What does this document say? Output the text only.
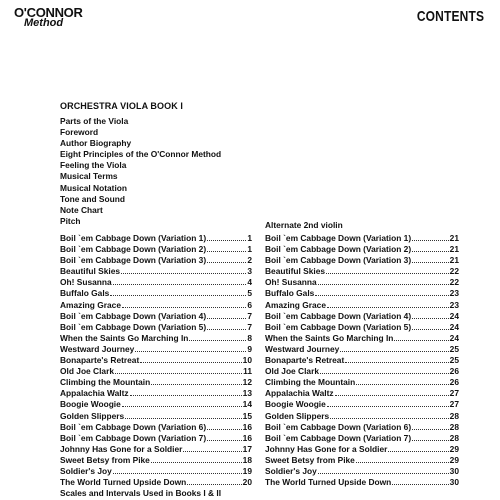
O'CONNOR
Method	CONTENTS
ORCHESTRA VIOLA BOOK I
Parts of the Viola
Foreword
Author Biography
Eight Principles of the O'Connor Method
Feeling the Viola
Musical Terms
Musical Notation
Tone and Sound
Note Chart
Pitch	Alternate 2nd violin
Boil `em Cabbage Down (Variation 1)	1
Boil `em Cabbage Down (Variation 2)	1
Boil `em Cabbage Down (Variation 3)	2
Beautiful Skies	3
Oh! Susanna	4
Buffalo Gals	5
Amazing Grace	6
Boil `em Cabbage Down (Variation 4)	7
Boil `em Cabbage Down (Variation 5)	7
When the Saints Go Marching In	8
Westward Journey	9
Bonaparte's Retreat	10
Old Joe Clark	11
Climbing the Mountain	12
Appalachia Waltz	13
Boogie Woogie	14
Golden Slippers	15
Boil `em Cabbage Down (Variation 6)	16
Boil `em Cabbage Down (Variation 7)	16
Johnny Has Gone for a Soldier	17
Sweet Betsy from Pike	18
Soldier's Joy	19
The World Turned Upside Down	20
Boil `em Cabbage Down (Variation 1)	21
Boil `em Cabbage Down (Variation 2)	21
Boil `em Cabbage Down (Variation 3)	21
Beautiful Skies	22
Oh! Susanna	22
Buffalo Gals	23
Amazing Grace	23
Boil `em Cabbage Down (Variation 4)	24
Boil `em Cabbage Down (Variation 5)	24
When the Saints Go Marching In	24
Westward Journey	25
Bonaparte's Retreat	25
Old Joe Clark	26
Climbing the Mountain	26
Appalachia Waltz	27
Boogie Woogie	27
Golden Slippers	28
Boil `em Cabbage Down (Variation 6)	28
Boil `em Cabbage Down (Variation 7)	28
Johnny Has Gone for a Soldier	29
Sweet Betsy from Pike	29
Soldier's Joy	30
The World Turned Upside Down	30
Scales and Intervals Used in Books I & II
